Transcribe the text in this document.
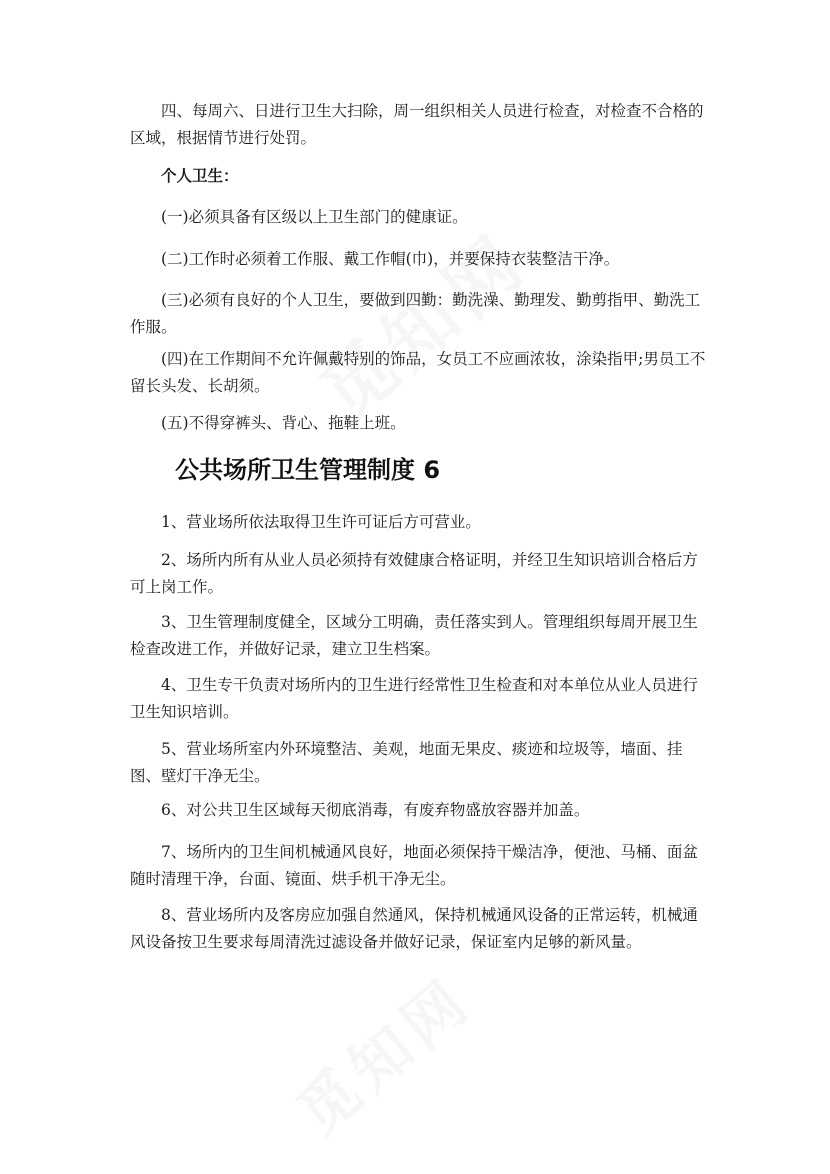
四、每周六、日进行卫生大扫除，周一组织相关人员进行检查，对检查不合格的区域，根据情节进行处罚。

个人卫生：

(一)必须具备有区级以上卫生部门的健康证。

(二)工作时必须着工作服、戴工作帽(巾)，并要保持衣装整洁干净。

(三)必须有良好的个人卫生，要做到四勤：勤洗澡、勤理发、勤剪指甲、勤洗工作服。

(四)在工作期间不允许佩戴特别的饰品，女员工不应画浓妆，涂染指甲;男员工不留长头发、长胡须。

(五)不得穿裤头、背心、拖鞋上班。

公共场所卫生管理制度 6

1、营业场所依法取得卫生许可证后方可营业。

2、场所内所有从业人员必须持有效健康合格证明，并经卫生知识培训合格后方可上岗工作。

3、卫生管理制度健全，区域分工明确，责任落实到人。管理组织每周开展卫生检查改进工作，并做好记录，建立卫生档案。

4、卫生专干负责对场所内的卫生进行经常性卫生检查和对本单位从业人员进行卫生知识培训。

5、营业场所室内外环境整洁、美观，地面无果皮、痰迹和垃圾等，墙面、挂图、壁灯干净无尘。

6、对公共卫生区域每天彻底消毒，有废弃物盛放容器并加盖。

7、场所内的卫生间机械通风良好，地面必须保持干燥洁净，便池、马桶、面盆随时清理干净，台面、镜面、烘手机干净无尘。

8、营业场所内及客房应加强自然通风，保持机械通风设备的正常运转，机械通风设备按卫生要求每周清洗过滤设备并做好记录，保证室内足够的新风量。
